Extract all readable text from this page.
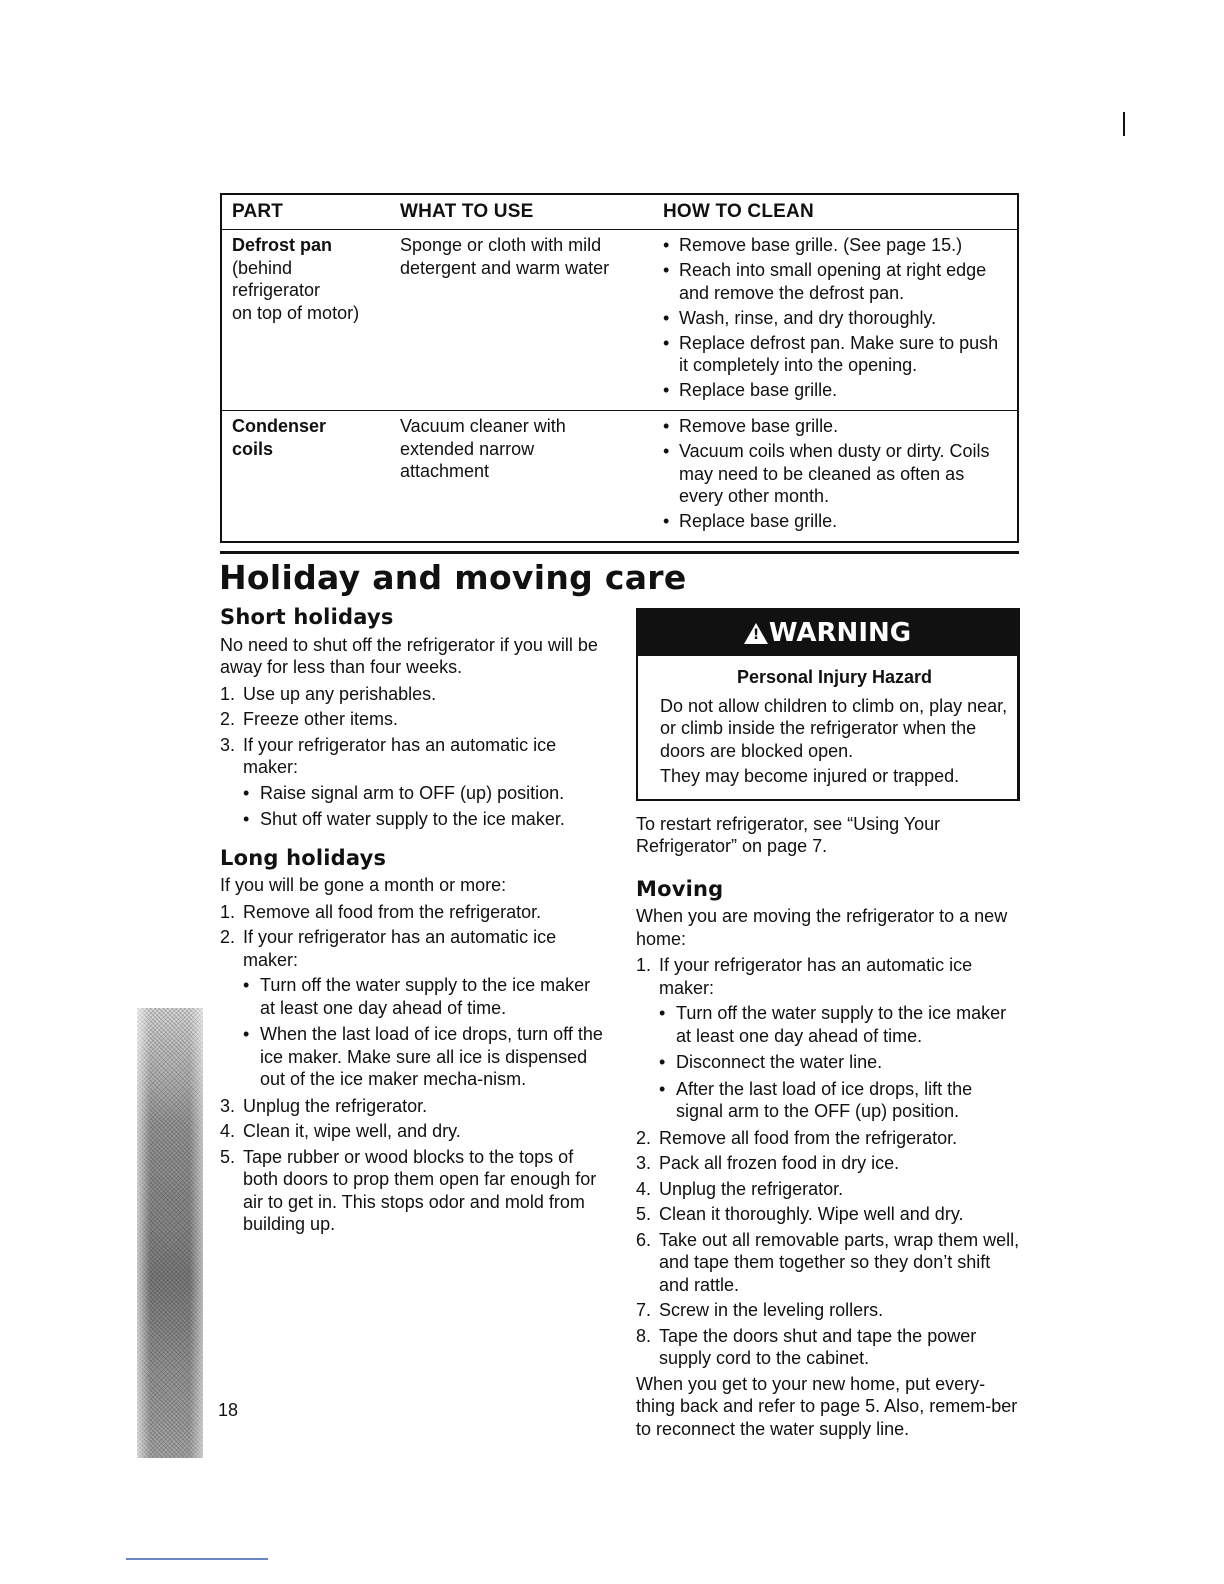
PART	WHAT TO USE	HOW TO CLEAN
Defrost pan
(behind
refrigerator
on top of motor)
Sponge or cloth with mild detergent and warm water
• Remove base grille. (See page 15.)
• Reach into small opening at right edge and remove the defrost pan.
• Wash, rinse, and dry thoroughly.
• Replace defrost pan. Make sure to push it completely into the opening.
• Replace base grille.
Condenser
coils
Vacuum cleaner with
extended narrow
attachment
• Remove base grille.
• Vacuum coils when dusty or dirty. Coils may need to be cleaned as often as every other month.
• Replace base grille.
Holiday and moving care
Short holidays

No need to shut off the refrigerator if you will be away for less than four weeks.

1. Use up any perishables.
2. Freeze other items.
3. If your refrigerator has an automatic ice maker:
• Raise signal arm to OFF (up) position.
• Shut off water supply to the ice maker.
Long holidays

If you will be gone a month or more:

1. Remove all food from the refrigerator.
2. If your refrigerator has an automatic ice maker:
• Turn off the water supply to the ice maker at least one day ahead of time.
• When the last load of ice drops, turn off the ice maker. Make sure all ice is dispensed out of the ice maker mecha-nism.
3. Unplug the refrigerator.
4. Clean it, wipe well, and dry.
5. Tape rubber or wood blocks to the tops of both doors to prop them open far enough for air to get in. This stops odor and mold from building up.
! WARNING
Personal Injury Hazard

Do not allow children to climb on, play near, or climb inside the refrigerator when the doors are blocked open.

They may become injured or trapped.

To restart refrigerator, see “Using Your Refrigerator” on page 7.

Moving

When you are moving the refrigerator to a new home:

1. If your refrigerator has an automatic ice maker:
• Turn off the water supply to the ice maker at least one day ahead of time.
• Disconnect the water line.
• After the last load of ice drops, lift the signal arm to the OFF (up) position.
2. Remove all food from the refrigerator.
3. Pack all frozen food in dry ice.
4. Unplug the refrigerator.
5. Clean it thoroughly. Wipe well and dry.
6. Take out all removable parts, wrap them well, and tape them together so they don’t shift and rattle.
7. Screw in the leveling rollers.
8. Tape the doors shut and tape the power supply cord to the cabinet.

When you get to your new home, put every-thing back and refer to page 5. Also, remem-ber to reconnect the water supply line.

18
